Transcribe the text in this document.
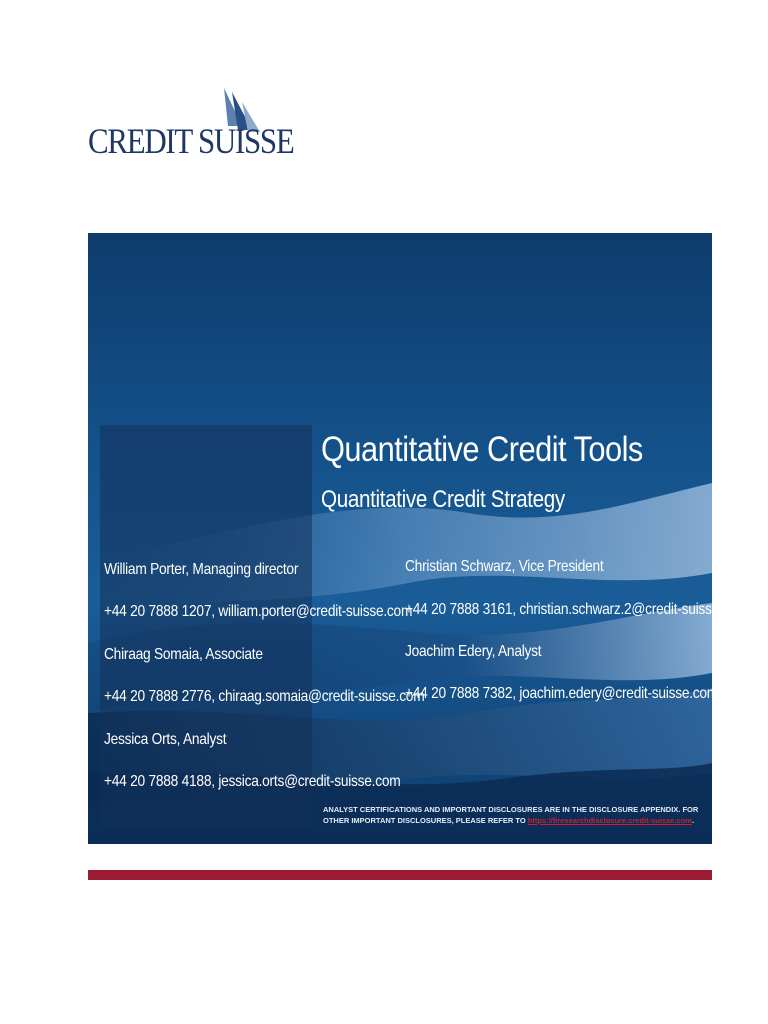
CREDIT SUISSE
Quantitative Credit Tools
Quantitative Credit Strategy
William Porter, Managing director
+44 20 7888 1207, william.porter@credit-suisse.com
Chiraag Somaia, Associate
+44 20 7888 2776, chiraag.somaia@credit-suisse.com
Jessica Orts, Analyst
+44 20 7888 4188, jessica.orts@credit-suisse.com
Christian Schwarz, Vice President
+44 20 7888 3161, christian.schwarz.2@credit-suisse.com
Joachim Edery, Analyst
+44 20 7888 7382, joachim.edery@credit-suisse.com
ANALYST CERTIFICATIONS AND IMPORTANT DISCLOSURES ARE IN THE DISCLOSURE APPENDIX. FOR OTHER IMPORTANT DISCLOSURES, PLEASE REFER TO https://firesearchdisclosure.credit-suisse.com.
